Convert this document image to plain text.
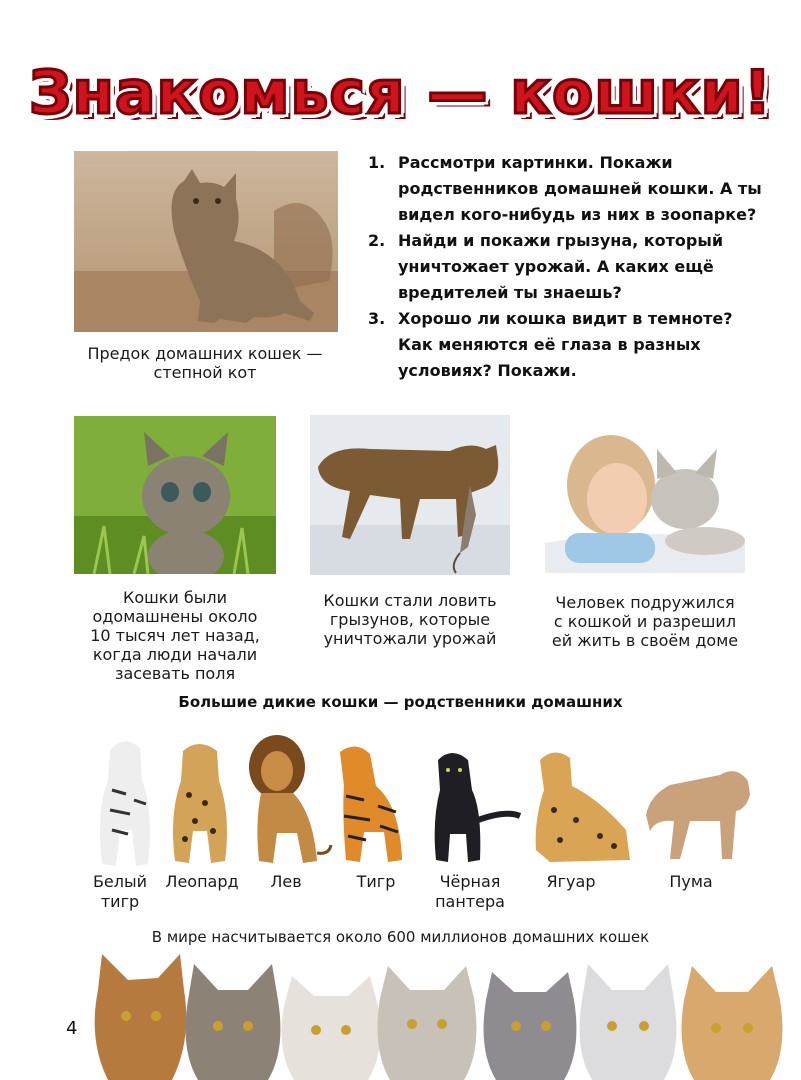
Знакомься — кошки!
Предок домашних кошек —
степной кот
1. Рассмотри картинки. Покажи
родственников домашней кошки. А ты
видел кого-нибудь из них в зоопарке?
2. Найди и покажи грызуна, который
уничтожает урожай. А каких ещё
вредителей ты знаешь?
3. Хорошо ли кошка видит в темноте?
Как меняются её глаза в разных
условиях? Покажи.
Кошки были
одомашнены около
10 тысяч лет назад,
когда люди начали
засевать поля
Кошки стали ловить
грызунов, которые
уничтожали урожай
Человек подружился
с кошкой и разрешил
ей жить в своём доме
Большие дикие кошки — родственники домашних
Белый
тигр
Леопард	Лев	Тигр	Чёрная
пантера
Ягуар	Пума
В мире насчитывается около 600 миллионов домашних кошек
4
